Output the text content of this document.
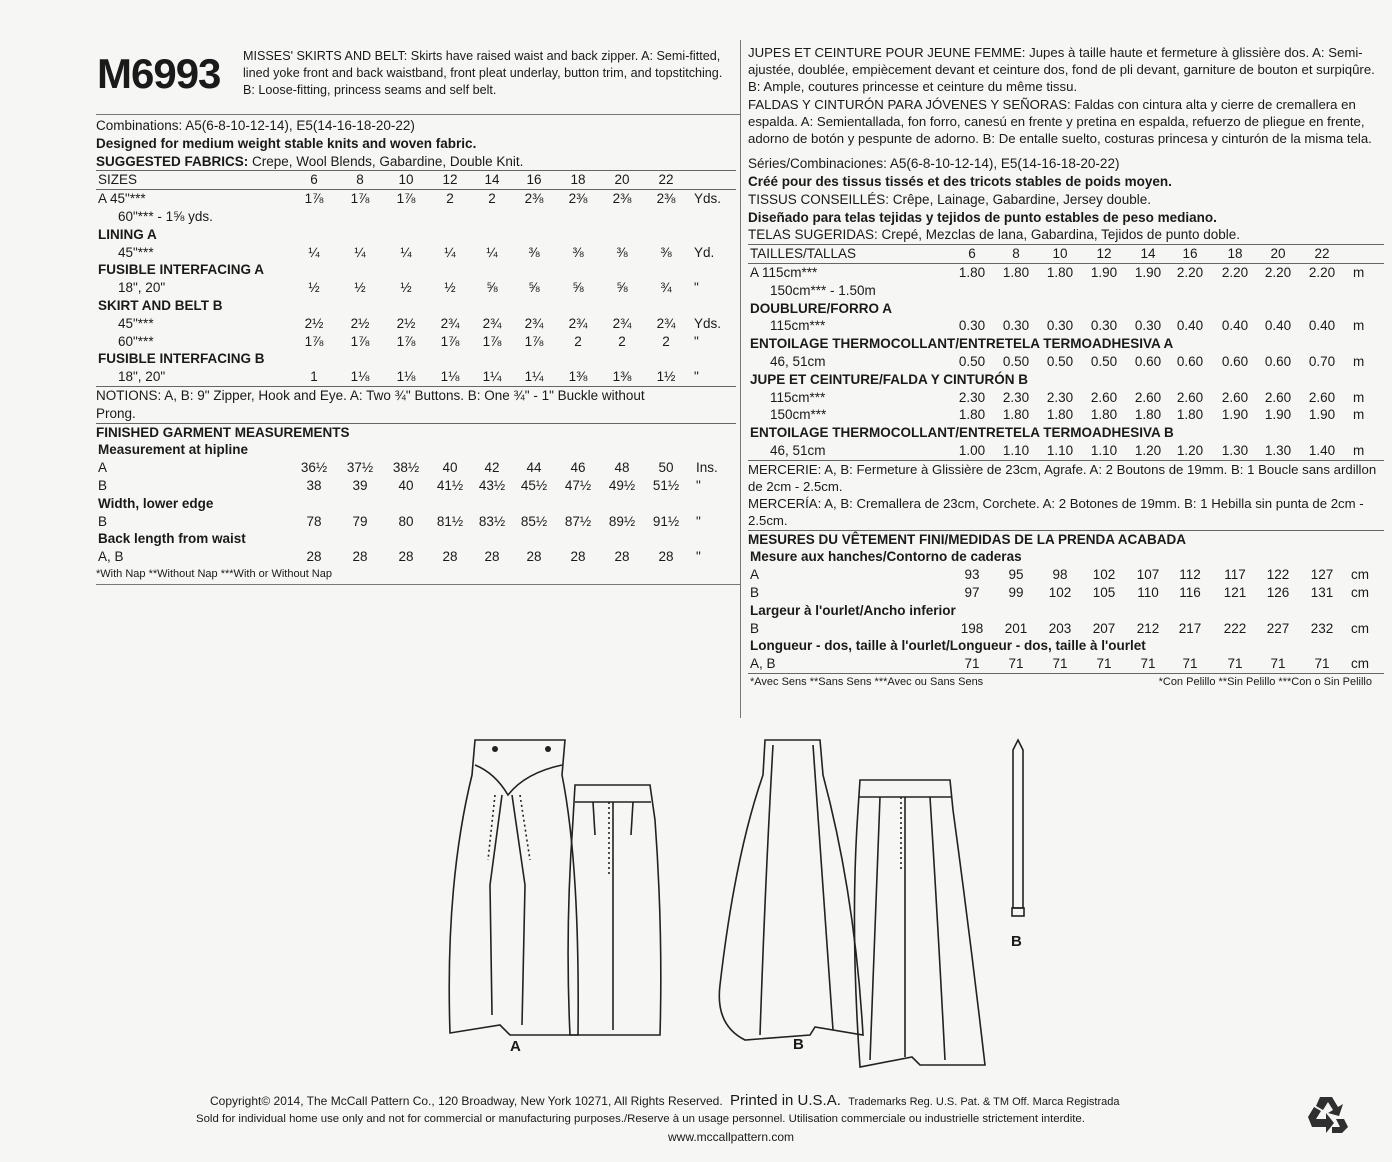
M6993 MISSES' SKIRTS AND BELT: Skirts have raised waist and back zipper. A: Semi-fitted, lined yoke front and back waistband, front pleat underlay, button trim, and topstitching. B: Loose-fitting, princess seams and self belt.
Combinations: A5(6-8-10-12-14), E5(14-16-18-20-22)
Designed for medium weight stable knits and woven fabric.
SUGGESTED FABRICS: Crepe, Wool Blends, Gabardine, Double Knit.
SIZES	6	8	10	12	14	16	18	20	22
A 45"***	1⅞	1⅞	1⅞	2	2	2⅜	2⅜	2⅜	2⅜	Yds.
60"*** - 1⅝ yds.
LINING A
45"***	¼	¼	¼	¼	¼	⅜	⅜	⅜	⅜	Yd.
FUSIBLE INTERFACING A
18", 20"	½	½	½	½	⅝	⅝	⅝	⅝	¾	"
SKIRT AND BELT B
45"***	2½	2½	2½	2¾	2¾	2¾	2¾	2¾	2¾	Yds.
60"***	1⅞	1⅞	1⅞	1⅞	1⅞	1⅞	2	2	2	"
FUSIBLE INTERFACING B
18", 20"	1	1⅛	1⅛	1⅛	1¼	1¼	1⅜	1⅜	1½	"
NOTIONS: A, B: 9" Zipper, Hook and Eye. A: Two ¾" Buttons. B: One ¾" - 1" Buckle without
Prong.
FINISHED GARMENT MEASUREMENTS
Measurement at hipline
A	36½	37½	38½	40	42	44	46	48	50	Ins.
B	38	39	40	41½	43½	45½	47½	49½	51½	"
Width, lower edge
B	78	79	80	81½	83½	85½	87½	89½	91½	"
Back length from waist
A, B	28	28	28	28	28	28	28	28	28	"
*With Nap **Without Nap ***With or Without Nap
JUPES ET CEINTURE POUR JEUNE FEMME: Jupes à taille haute et fermeture à glissière dos. A: Semi-ajustée, doublée, empiècement devant et ceinture dos, fond de pli devant, garniture de bouton et surpiqûre. B: Ample, coutures princesse et ceinture du même tissu.
FALDAS Y CINTURÓN PARA JÓVENES Y SEÑORAS: Faldas con cintura alta y cierre de cremallera en espalda. A: Semientallada, fon forro, canesú en frente y pretina en espalda, refuerzo de pliegue en frente, adorno de botón y pespunte de adorno. B: De entalle suelto, costuras princesa y cinturón de la misma tela.
Séries/Combinaciones: A5(6-8-10-12-14), E5(14-16-18-20-22)
Créé pour des tissus tissés et des tricots stables de poids moyen.
TISSUS CONSEILLÉS: Crêpe, Lainage, Gabardine, Jersey double.
Diseñado para telas tejidas y tejidos de punto estables de peso mediano.
TELAS SUGERIDAS: Crepé, Mezclas de lana, Gabardina, Tejidos de punto doble.
TAILLES/TALLAS	6	8	10	12	14	16	18	20	22
A 115cm***	1.80	1.80	1.80	1.90	1.90	2.20	2.20	2.20	2.20	m
150cm*** - 1.50m
DOUBLURE/FORRO A
115cm***	0.30	0.30	0.30	0.30	0.30	0.40	0.40	0.40	0.40	m
ENTOILAGE THERMOCOLLANT/ENTRETELA TERMOADHESIVA A
46, 51cm	0.50	0.50	0.50	0.50	0.60	0.60	0.60	0.60	0.70	m
JUPE ET CEINTURE/FALDA Y CINTURÓN B
115cm***	2.30	2.30	2.30	2.60	2.60	2.60	2.60	2.60	2.60	m
150cm***	1.80	1.80	1.80	1.80	1.80	1.80	1.90	1.90	1.90	m
ENTOILAGE THERMOCOLLANT/ENTRETELA TERMOADHESIVA B
46, 51cm	1.00	1.10	1.10	1.10	1.20	1.20	1.30	1.30	1.40	m
MERCERIE: A, B: Fermeture à Glissière de 23cm, Agrafe. A: 2 Boutons de 19mm. B: 1 Boucle sans ardillon de 2cm - 2.5cm.
MERCERÍA: A, B: Cremallera de 23cm, Corchete. A: 2 Botones de 19mm. B: 1 Hebilla sin punta de 2cm - 2.5cm.
MESURES DU VÊTEMENT FINI/MEDIDAS DE LA PRENDA ACABADA
Mesure aux hanches/Contorno de caderas
A	93	95	98	102	107	112	117	122	127	cm
B	97	99	102	105	110	116	121	126	131	cm
Largeur à l'ourlet/Ancho inferior
B	198	201	203	207	212	217	222	227	232	cm
Longueur - dos, taille à l'ourlet/Longueur - dos, taille à l'ourlet
A, B	71	71	71	71	71	71	71	71	71	cm
*Avec Sens **Sans Sens ***Avec ou Sans Sens	*Con Pelillo **Sin Pelillo ***Con o Sin Pelillo
A	B
B
Copyright© 2014, The McCall Pattern Co., 120 Broadway, New York 10271, All Rights Reserved. Printed in U.S.A. Trademarks Reg. U.S. Pat. & TM Off. Marca Registrada
Sold for individual home use only and not for commercial or manufacturing purposes./Reserve à un usage personnel. Utilisation commerciale ou industrielle strictement interdite.
www.mccallpattern.com
